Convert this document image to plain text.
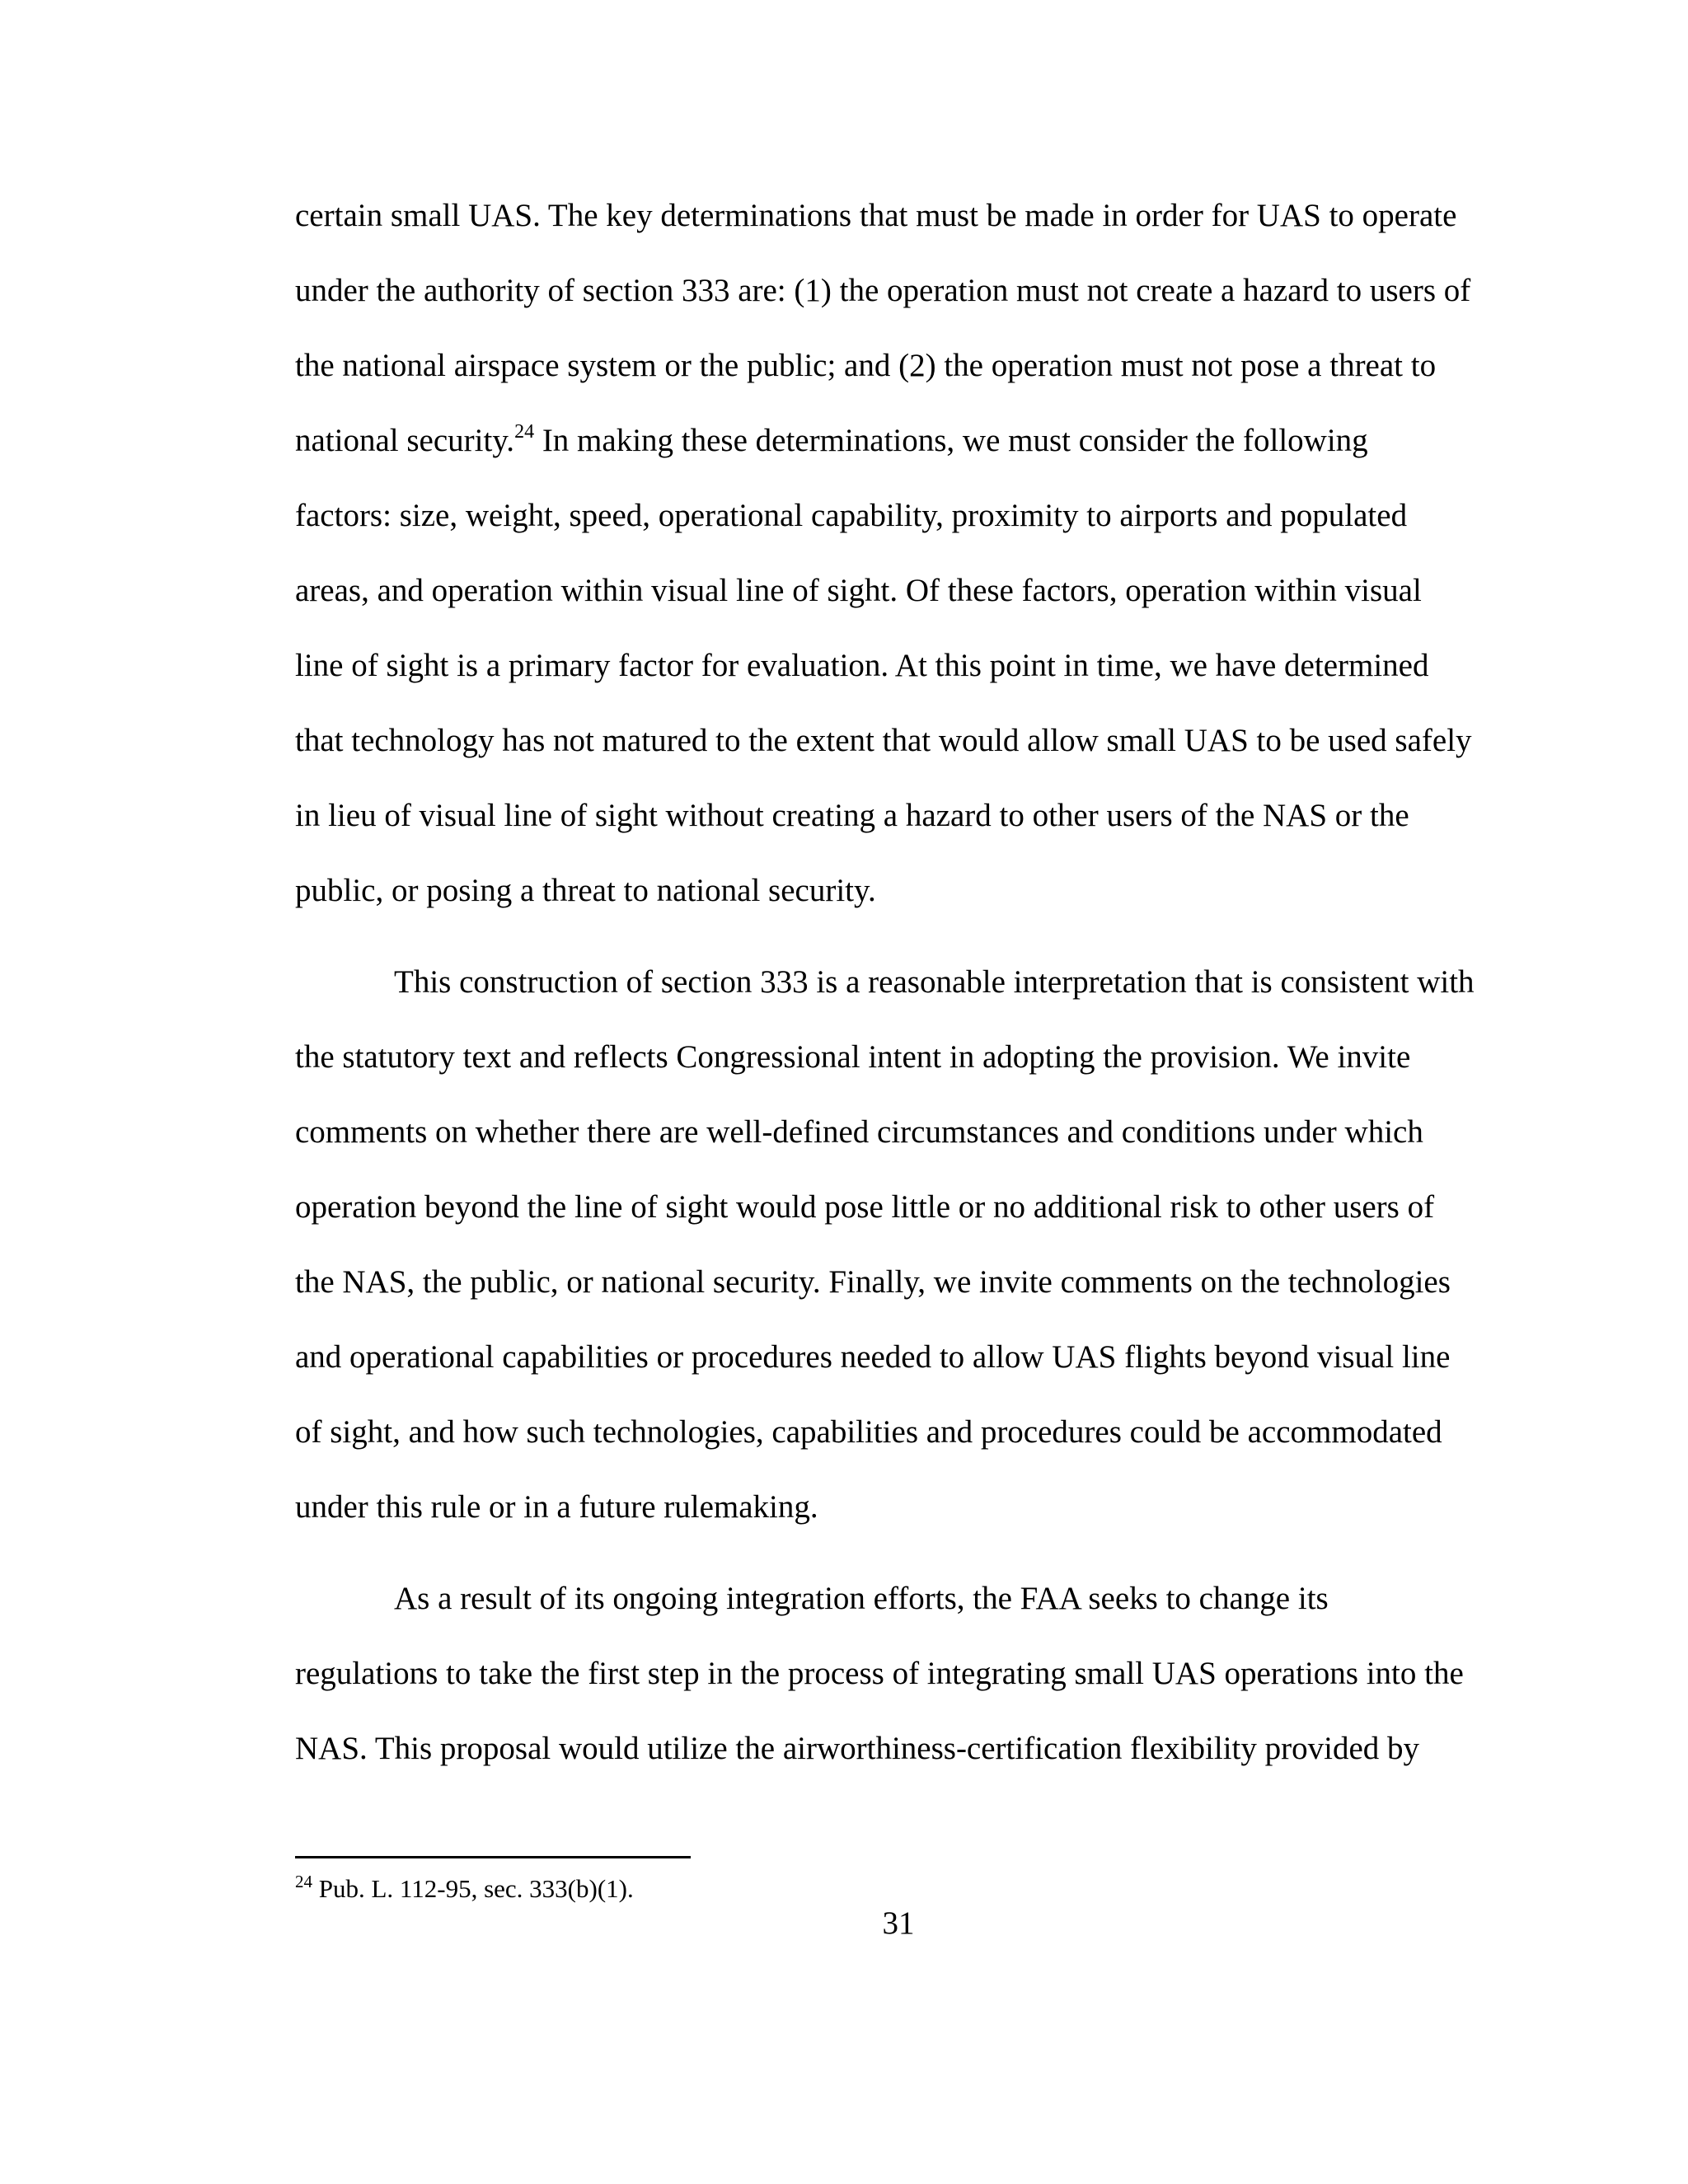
certain small UAS. The key determinations that must be made in order for UAS to operate
under the authority of section 333 are: (1) the operation must not create a hazard to users of
the national airspace system or the public; and (2) the operation must not pose a threat to
national security.$^{24}$ In making these determinations, we must consider the following
factors: size, weight, speed, operational capability, proximity to airports and populated
areas, and operation within visual line of sight. Of these factors, operation within visual
line of sight is a primary factor for evaluation. At this point in time, we have determined
that technology has not matured to the extent that would allow small UAS to be used safely
in lieu of visual line of sight without creating a hazard to other users of the NAS or the
public, or posing a threat to national security.
This construction of section 333 is a reasonable interpretation that is consistent with
the statutory text and reflects Congressional intent in adopting the provision. We invite
comments on whether there are well-defined circumstances and conditions under which
operation beyond the line of sight would pose little or no additional risk to other users of
the NAS, the public, or national security. Finally, we invite comments on the technologies
and operational capabilities or procedures needed to allow UAS flights beyond visual line
of sight, and how such technologies, capabilities and procedures could be accommodated
under this rule or in a future rulemaking.
As a result of its ongoing integration efforts, the FAA seeks to change its
regulations to take the first step in the process of integrating small UAS operations into the
NAS. This proposal would utilize the airworthiness-certification flexibility provided by
$^{24}$ Pub. L. 112-95, sec. 333(b)(1).
31
